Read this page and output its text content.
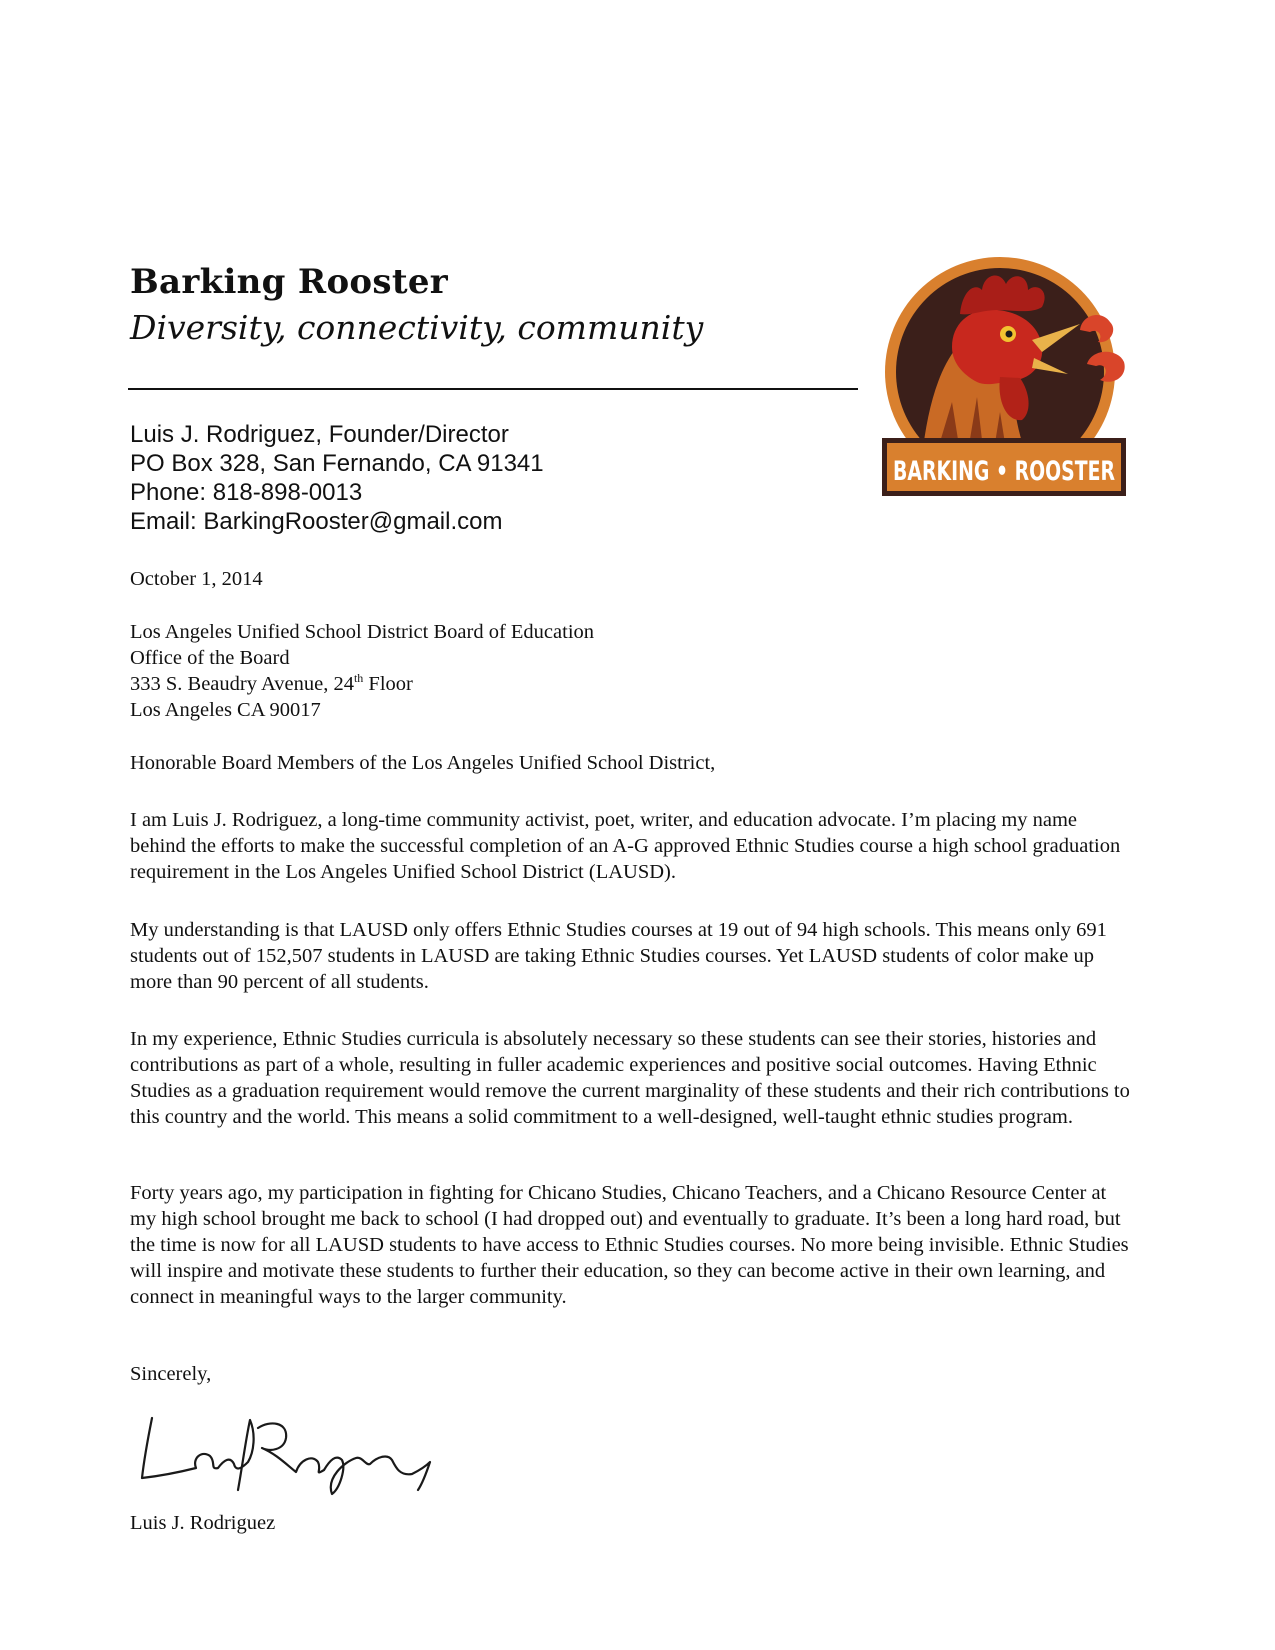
Barking Rooster
Diversity, connectivity, community
Luis J. Rodriguez, Founder/Director
PO Box 328, San Fernando, CA 91341
Phone: 818-898-0013
Email: BarkingRooster@gmail.com
BARKING • ROOSTER
October 1, 2014
Los Angeles Unified School District Board of Education
Office of the Board
333 S. Beaudry Avenue, 24th Floor
Los Angeles CA 90017
Honorable Board Members of the Los Angeles Unified School District,
I am Luis J. Rodriguez, a long-time community activist, poet, writer, and education advocate. I’m placing my name behind the efforts to make the successful completion of an A-G approved Ethnic Studies course a high school graduation requirement in the Los Angeles Unified School District (LAUSD).
My understanding is that LAUSD only offers Ethnic Studies courses at 19 out of 94 high schools. This means only 691 students out of 152,507 students in LAUSD are taking Ethnic Studies courses. Yet LAUSD students of color make up more than 90 percent of all students.
In my experience, Ethnic Studies curricula is absolutely necessary so these students can see their stories, histories and contributions as part of a whole, resulting in fuller academic experiences and positive social outcomes. Having Ethnic Studies as a graduation requirement would remove the current marginality of these students and their rich contributions to this country and the world. This means a solid commitment to a well-designed, well-taught ethnic studies program.
Forty years ago, my participation in fighting for Chicano Studies, Chicano Teachers, and a Chicano Resource Center at my high school brought me back to school (I had dropped out) and eventually to graduate. It’s been a long hard road, but the time is now for all LAUSD students to have access to Ethnic Studies courses. No more being invisible. Ethnic Studies will inspire and motivate these students to further their education, so they can become active in their own learning, and connect in meaningful ways to the larger community.
Sincerely,
Luis J. Rodriguez
